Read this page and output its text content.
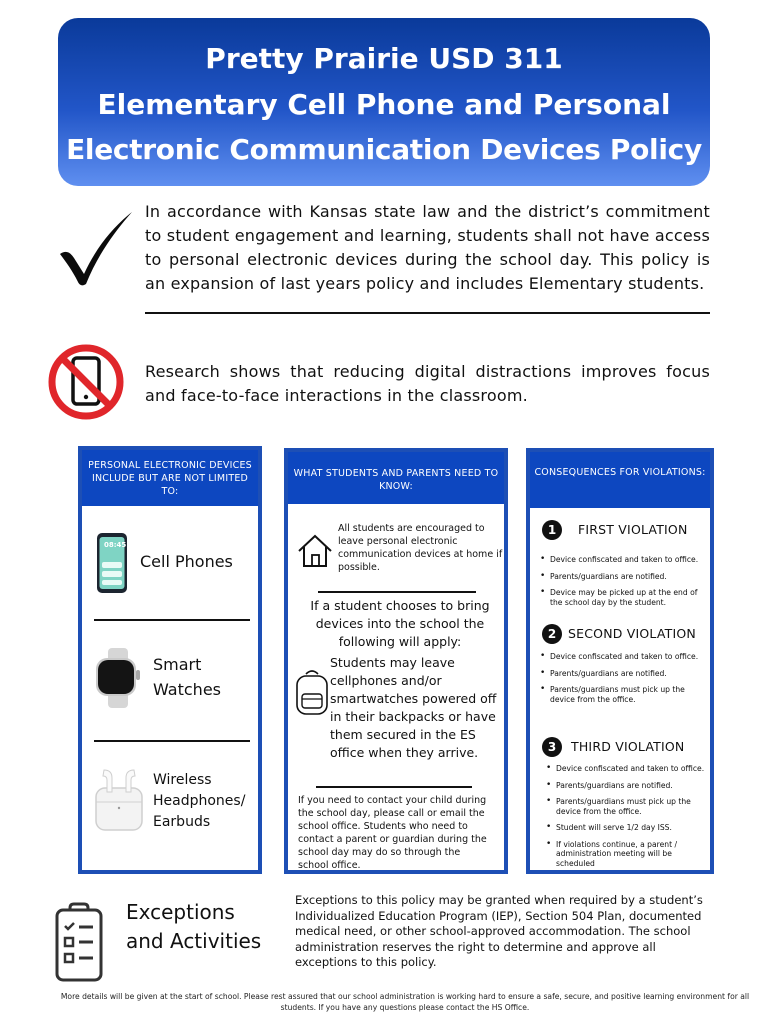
Pretty Prairie USD 311
Elementary Cell Phone and Personal
Electronic Communication Devices Policy
In accordance with Kansas state law and the district’s commitment to student engagement and learning, students shall not have access to personal electronic devices during the school day. This policy is an expansion of last years policy and includes Elementary students.
Research shows that reducing digital distractions improves focus and face-to-face interactions in the classroom.
PERSONAL ELECTRONIC DEVICES INCLUDE BUT ARE NOT LIMITED TO:
08:45
Cell Phones
Smart
Watches
Wireless
Headphones/
Earbuds
WHAT STUDENTS AND PARENTS NEED TO KNOW:
All students are encouraged to leave personal electronic communication devices at home if possible.
If a student chooses to bring devices into the school the following will apply:
Students may leave cellphones and/or smartwatches powered off in their backpacks or have them secured in the ES office when they arrive.
If you need to contact your child during the school day, please call or email the school office. Students who need to contact a parent or guardian during the school day may do so through the school office.
CONSEQUENCES FOR VIOLATIONS:
1	FIRST VIOLATION
• Device confiscated and taken to office.
• Parents/guardians are notified.
• Device may be picked up at the end of the school day by the student.
2 SECOND VIOLATION
• Device confiscated and taken to office.
• Parents/guardians are notified.
• Parents/guardians must pick up the device from the office.
3	THIRD VIOLATION
• Device confiscated and taken to office.
• Parents/guardians are notified.
• Parents/guardians must pick up the device from the office.
• Student will serve 1/2 day ISS.
• If violations continue, a parent / administration meeting will be scheduled
Exceptions
and Activities
Exceptions to this policy may be granted when required by a student’s Individualized Education Program (IEP), Section 504 Plan, documented medical need, or other school-approved accommodation. The school administration reserves the right to determine and approve all exceptions to this policy.
More details will be given at the start of school. Please rest assured that our school administration is working hard to ensure a safe, secure, and positive learning environment for all students. If you have any questions please contact the HS Office.
